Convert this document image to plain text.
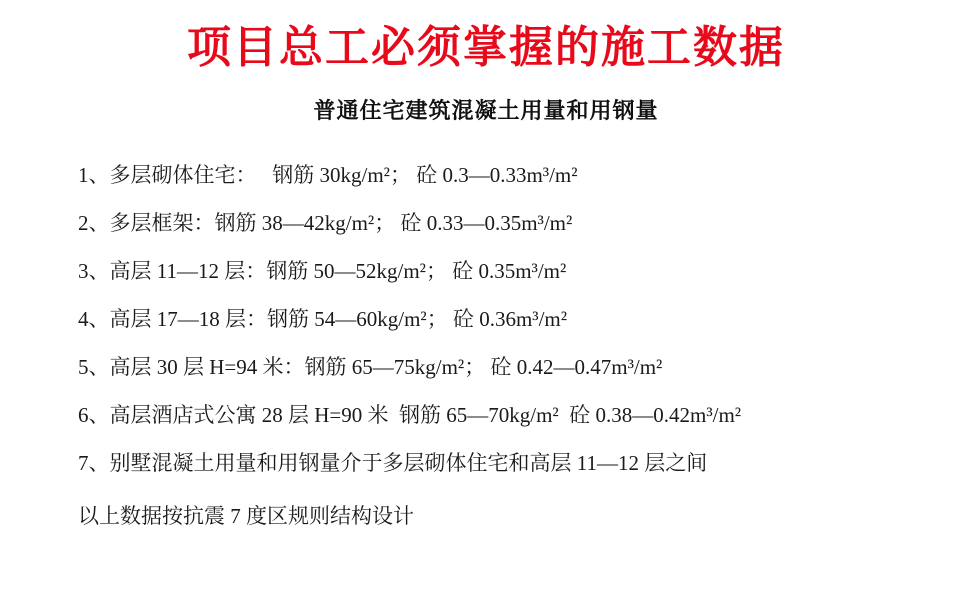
项目总工必须掌握的施工数据
普通住宅建筑混凝土用量和用钢量
1、多层砌体住宅： 钢筋 30kg/m²； 砼 0.3—0.33m³/m²
2、多层框架：钢筋 38—42kg/m²； 砼 0.33—0.35m³/m²
3、高层 11—12 层：钢筋 50—52kg/m²； 砼 0.35m³/m²
4、高层 17—18 层：钢筋 54—60kg/m²； 砼 0.36m³/m²
5、高层 30 层 H=94 米：钢筋 65—75kg/m²； 砼 0.42—0.47m³/m²
6、高层酒店式公寓 28 层 H=90 米 钢筋 65—70kg/m² 砼 0.38—0.42m³/m²
7、别墅混凝土用量和用钢量介于多层砌体住宅和高层 11—12 层之间
以上数据按抗震 7 度区规则结构设计
